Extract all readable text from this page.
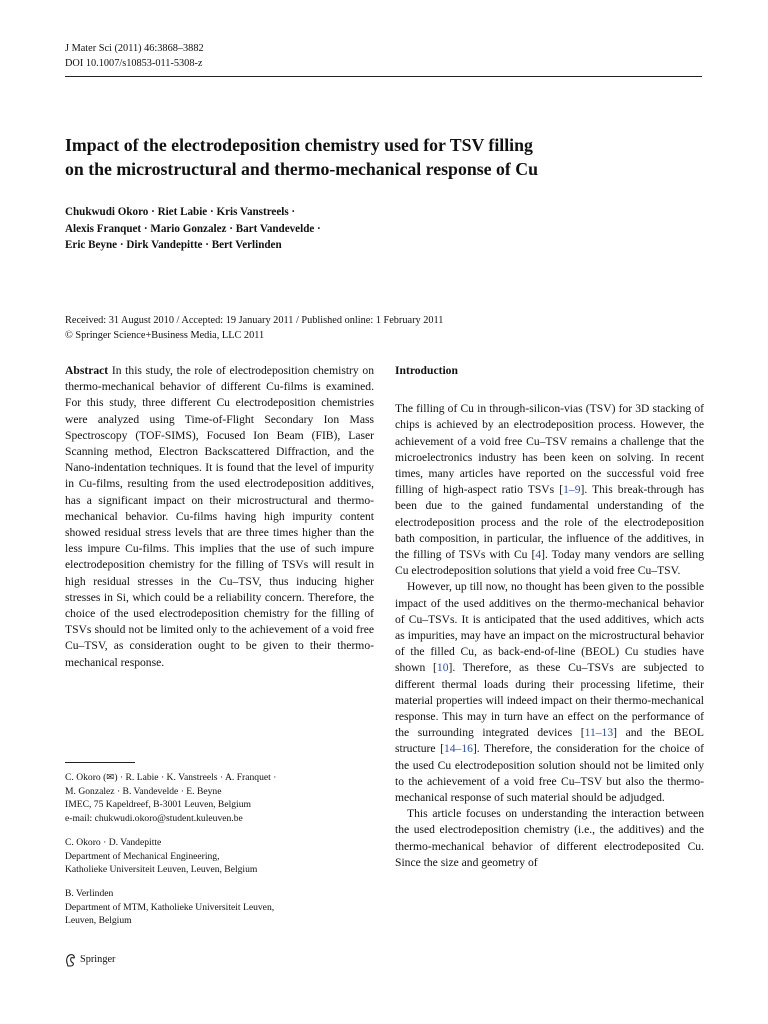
J Mater Sci (2011) 46:3868–3882
DOI 10.1007/s10853-011-5308-z
Impact of the electrodeposition chemistry used for TSV filling
on the microstructural and thermo-mechanical response of Cu
Chukwudi Okoro · Riet Labie · Kris Vanstreels ·
Alexis Franquet · Mario Gonzalez · Bart Vandevelde ·
Eric Beyne · Dirk Vandepitte · Bert Verlinden
Received: 31 August 2010 / Accepted: 19 January 2011 / Published online: 1 February 2011
© Springer Science+Business Media, LLC 2011

Abstract In this study, the role of electrodeposition chemistry on thermo-mechanical behavior of different Cu-films is examined. For this study, three different Cu electrodeposition chemistries were analyzed using Time-of-Flight Secondary Ion Mass Spectroscopy (TOF-SIMS), Focused Ion Beam (FIB), Laser Scanning method, Electron Backscattered Diffraction, and the Nano-indentation techniques. It is found that the level of impurity in Cu-films, resulting from the used electrodeposition additives, has a significant impact on their microstructural and thermo-mechanical behavior. Cu-films having high impurity content showed residual stress levels that are three times higher than the less impure Cu-films. This implies that the use of such impure electrodeposition chemistry for the filling of TSVs will result in high residual stresses in the Cu–TSV, thus inducing higher stresses in Si, which could be a reliability concern. Therefore, the choice of the used electrodeposition chemistry for the filling of TSVs should not be limited only to the achievement of a void free Cu–TSV, as consideration ought to be given to their thermo-mechanical response.

C. Okoro (✉) · R. Labie · K. Vanstreels · A. Franquet ·
M. Gonzalez · B. Vandevelde · E. Beyne
IMEC, 75 Kapeldreef, B-3001 Leuven, Belgium
e-mail: chukwudi.okoro@student.kuleuven.be
C. Okoro · D. Vandepitte
Department of Mechanical Engineering,
Katholieke Universiteit Leuven, Leuven, Belgium
B. Verlinden
Department of MTM, Katholieke Universiteit Leuven,
Leuven, Belgium
Introduction

The filling of Cu in through-silicon-vias (TSV) for 3D stacking of chips is achieved by an electrodeposition process. However, the achievement of a void free Cu–TSV remains a challenge that the microelectronics industry has been keen on solving. In recent times, many articles have reported on the successful void free filling of high-aspect ratio TSVs [1–9]. This break-through has been due to the gained fundamental understanding of the electrodeposition process and the role of the electrodeposition bath composition, in particular, the influence of the additives, in the filling of TSVs with Cu [4]. Today many vendors are selling Cu electrodeposition solutions that yield a void free Cu–TSV.

However, up till now, no thought has been given to the possible impact of the used additives on the thermo-mechanical behavior of Cu–TSVs. It is anticipated that the used additives, which acts as impurities, may have an impact on the microstructural behavior of the filled Cu, as back-end-of-line (BEOL) Cu studies have shown [10]. Therefore, as these Cu–TSVs are subjected to different thermal loads during their processing lifetime, their material properties will indeed impact on their thermo-mechanical response. This may in turn have an effect on the performance of the surrounding integrated devices [11–13] and the BEOL structure [14–16]. Therefore, the consideration for the choice of the used Cu electrodeposition solution should not be limited only to the achievement of a void free Cu–TSV but also the thermo-mechanical response of such material should be adjudged.

This article focuses on understanding the interaction between the used electrodeposition chemistry (i.e., the additives) and the thermo-mechanical behavior of different electrodeposited Cu. Since the size and geometry of

Springer
